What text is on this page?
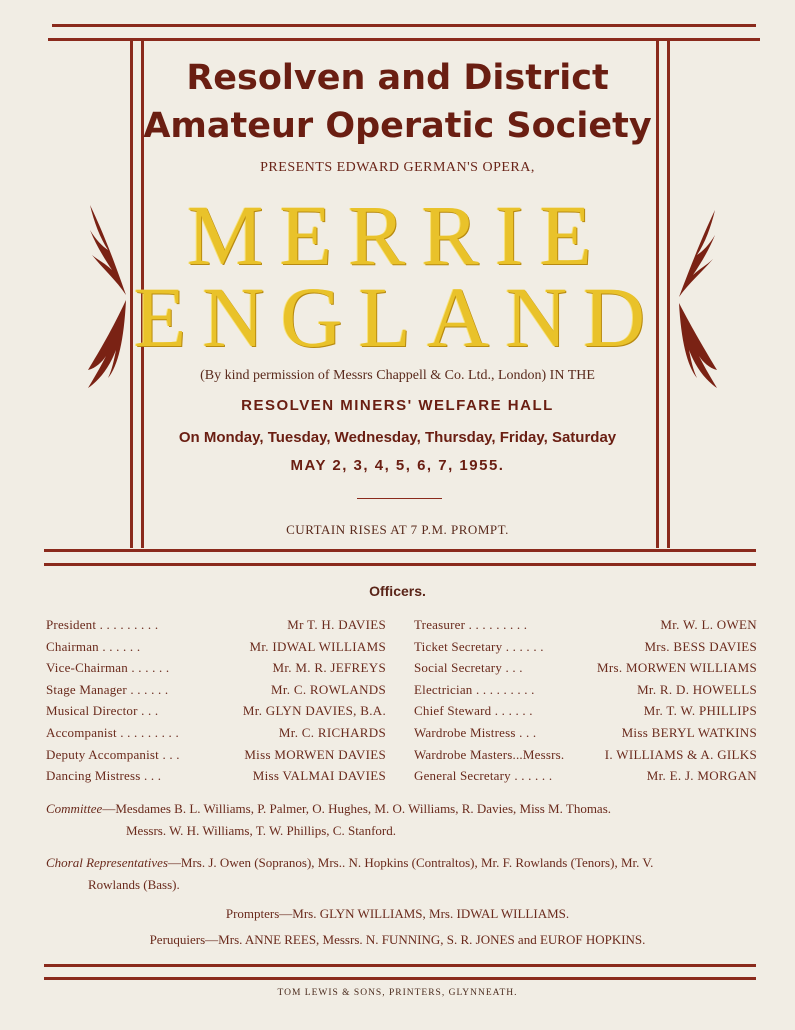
Resolven and District
Amateur Operatic Society
PRESENTS EDWARD GERMAN'S OPERA,
MERRIE
ENGLAND
(By kind permission of Messrs Chappell & Co. Ltd., London) IN THE
RESOLVEN MINERS' WELFARE HALL
On Monday, Tuesday, Wednesday, Thursday, Friday, Saturday
MAY 2, 3, 4, 5, 6, 7, 1955.
CURTAIN RISES AT 7 P.M. PROMPT.
Officers.
President . . . . . . . . .	Mr T. H. DAVIES
Chairman . . . . . .	Mr. IDWAL WILLIAMS
Vice-Chairman . . . . . .	Mr. M. R. JEFREYS
Stage Manager . . . . . .	Mr. C. ROWLANDS
Musical Director . . .	Mr. GLYN DAVIES, B.A.
Accompanist . . . . . . . . .	Mr. C. RICHARDS
Deputy Accompanist . . .	Miss MORWEN DAVIES
Dancing Mistress . . .	Miss VALMAI DAVIES
Treasurer . . . . . . . . .	Mr. W. L. OWEN
Ticket Secretary . . . . . .	Mrs. BESS DAVIES
Social Secretary . . .	Mrs. MORWEN WILLIAMS
Electrician . . . . . . . . .	Mr. R. D. HOWELLS
Chief Steward . . . . . .	Mr. T. W. PHILLIPS
Wardrobe Mistress . . .	Miss BERYL WATKINS
Wardrobe Masters...Messrs.	I. WILLIAMS & A. GILKS
General Secretary . . . . . .	Mr. E. J. MORGAN
Committee—Mesdames B. L. Williams, P. Palmer, O. Hughes, M. O. Williams, R. Davies, Miss M. Thomas.
Messrs. W. H. Williams, T. W. Phillips, C. Stanford.
Choral Representatives—Mrs. J. Owen (Sopranos), Mrs.. N. Hopkins (Contraltos), Mr. F. Rowlands (Tenors), Mr. V.
Rowlands (Bass).
Prompters—Mrs. GLYN WILLIAMS, Mrs. IDWAL WILLIAMS.
Peruquiers—Mrs. ANNE REES, Messrs. N. FUNNING, S. R. JONES and EUROF HOPKINS.
TOM LEWIS & SONS, PRINTERS, GLYNNEATH.
